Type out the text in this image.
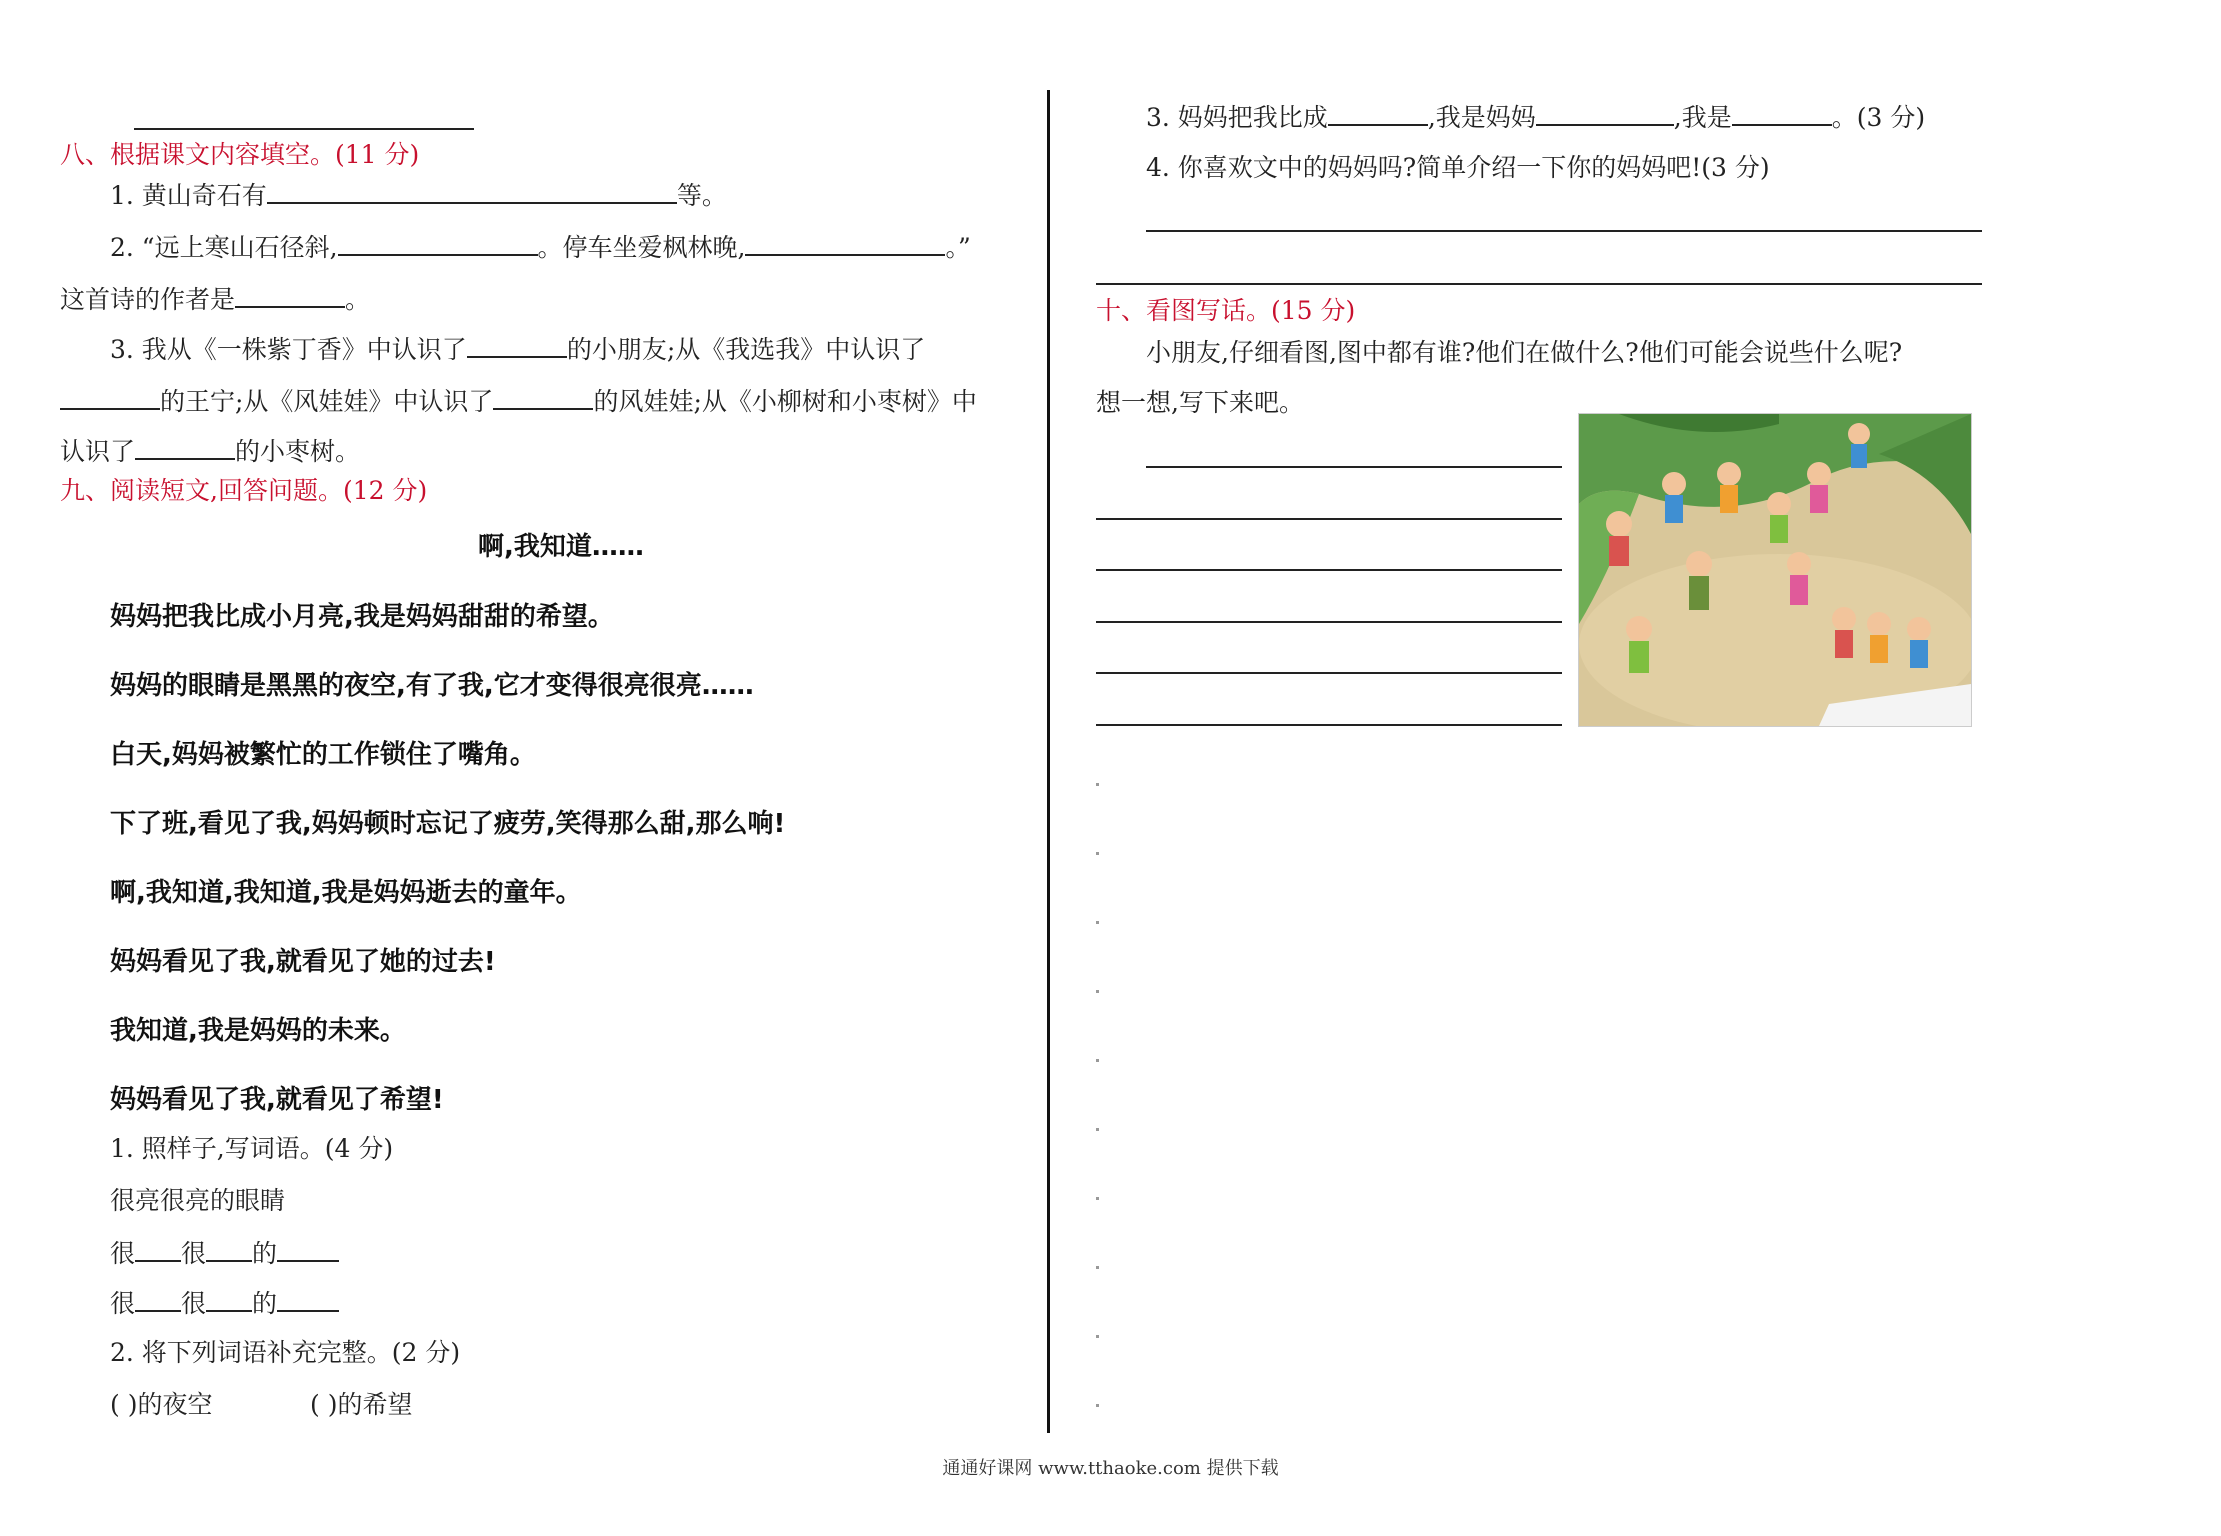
八、根据课文内容填空。(11 分)
1. 黄山奇石有	等。
2. “远上寒山石径斜,	。停车坐爱枫林晚,	。”
这首诗的作者是	。
3. 我从《一株紫丁香》中认识了	的小朋友;从《我选我》中认识了
的王宁;从《风娃娃》中认识了	的风娃娃;从《小柳树和小枣树》中
认识了	的小枣树。
九、阅读短文,回答问题。(12 分)
啊,我知道……
妈妈把我比成小月亮,我是妈妈甜甜的希望。
妈妈的眼睛是黑黑的夜空,有了我,它才变得很亮很亮……
白天,妈妈被繁忙的工作锁住了嘴角。
下了班,看见了我,妈妈顿时忘记了疲劳,笑得那么甜,那么响!
啊,我知道,我知道,我是妈妈逝去的童年。
妈妈看见了我,就看见了她的过去!
我知道,我是妈妈的未来。
妈妈看见了我,就看见了希望!
1. 照样子,写词语。(4 分)
很亮很亮的眼睛
很 很 的
很 很 的
2. 将下列词语补充完整。(2 分)
( )的夜空	( )的希望
3. 妈妈把我比成	,我是妈妈	,我是	。(3 分)
4. 你喜欢文中的妈妈吗?简单介绍一下你的妈妈吧!(3 分)
十、看图写话。(15 分)
小朋友,仔细看图,图中都有谁?他们在做什么?他们可能会说些什么呢?
想一想,写下来吧。
通通好课网 www.tthaoke.com 提供下载
